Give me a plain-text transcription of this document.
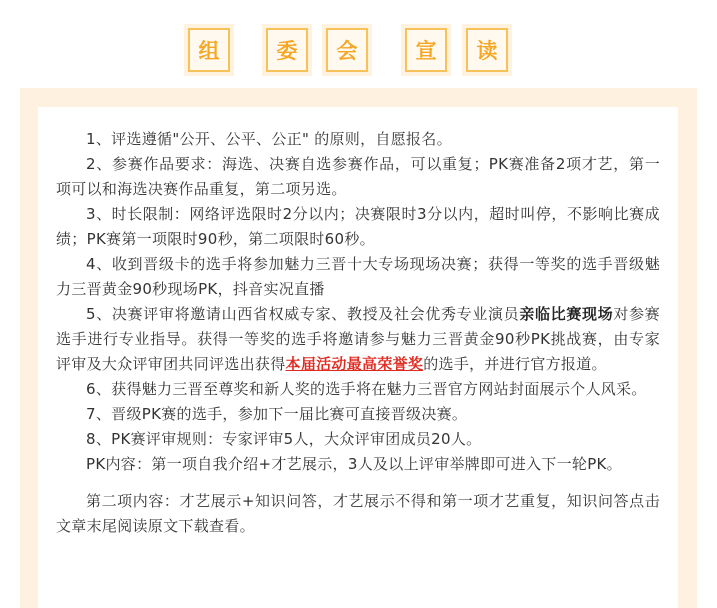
组	委	会	宣	读

1、评选遵循"公开、公平、公正" 的原则，自愿报名。

2、参赛作品要求：海选、决赛自选参赛作品，可以重复；PK赛准备2项才艺，第一项可以和海选决赛作品重复，第二项另选。

3、时长限制：网络评选限时2分以内；决赛限时3分以内，超时叫停，不影响比赛成绩；PK赛第一项限时90秒，第二项限时60秒。

4、收到晋级卡的选手将参加魅力三晋十大专场现场决赛；获得一等奖的选手晋级魅力三晋黄金90秒现场PK，抖音实况直播

5、决赛评审将邀请山西省权威专家、教授及社会优秀专业演员亲临比赛现场对参赛选手进行专业指导。获得一等奖的选手将邀请参与魅力三晋黄金90秒PK挑战赛，由专家评审及大众评审团共同评选出获得本届活动最高荣誉奖的选手，并进行官方报道。

6、获得魅力三晋至尊奖和新人奖的选手将在魅力三晋官方网站封面展示个人风采。

7、晋级PK赛的选手，参加下一届比赛可直接晋级决赛。

8、PK赛评审规则：专家评审5人，大众评审团成员20人。

PK内容：第一项自我介绍+才艺展示，3人及以上评审举牌即可进入下一轮PK。

第二项内容：才艺展示+知识问答，才艺展示不得和第一项才艺重复，知识问答点击文章末尾阅读原文下载查看。
